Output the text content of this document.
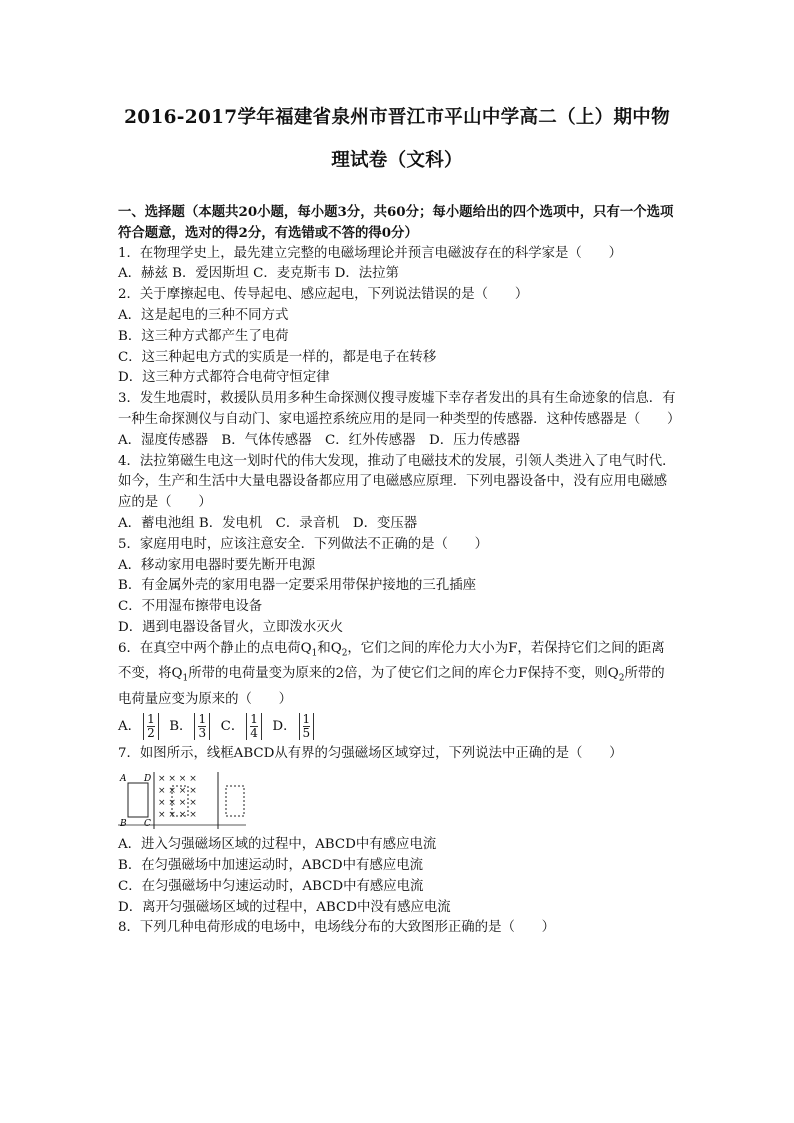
2016-2017学年福建省泉州市晋江市平山中学高二（上）期中物
理试卷（文科）

一、选择题（本题共20小题，每小题3分，共60分；每小题给出的四个选项中，只有一个选项符合题意，选对的得2分，有选错或不答的得0分）

1．在物理学史上，最先建立完整的电磁场理论并预言电磁波存在的科学家是（　　）

A．赫兹 B．爱因斯坦 C．麦克斯韦 D．法拉第

2．关于摩擦起电、传导起电、感应起电，下列说法错误的是（　　）

A．这是起电的三种不同方式

B．这三种方式都产生了电荷

C．这三种起电方式的实质是一样的，都是电子在转移

D．这三种方式都符合电荷守恒定律

3．发生地震时，救援队员用多种生命探测仪搜寻废墟下幸存者发出的具有生命迹象的信息．有一种生命探测仪与自动门、家电遥控系统应用的是同一种类型的传感器．这种传感器是（　　）

A．湿度传感器　B．气体传感器　C．红外传感器　D．压力传感器

4．法拉第磁生电这一划时代的伟大发现，推动了电磁技术的发展，引领人类进入了电气时代．如今，生产和生活中大量电器设备都应用了电磁感应原理．下列电器设备中，没有应用电磁感应的是（　　）

A．蓄电池组 B．发电机　C．录音机　D．变压器

5．家庭用电时，应该注意安全．下列做法不正确的是（　　）

A．移动家用电器时要先断开电源

B．有金属外壳的家用电器一定要采用带保护接地的三孔插座

C．不用湿布擦带电设备

D．遇到电器设备冒火，立即泼水灭火

6．在真空中两个静止的点电荷$Q_1$和$Q_2$，它们之间的库伦力大小为F，若保持它们之间的距离不变，将$Q_1$所带的电荷量变为原来的2倍，为了使它们之间的库仑力F保持不变，则$Q_2$所带的电荷量应变为原来的（　　）

A． $\frac{1}{2}$ B． $\frac{1}{3}$ C． $\frac{1}{4}$ D． $\frac{1}{5}$

7．如图所示，线框ABCD从有界的匀强磁场区域穿过，下列说法中正确的是（　　）

A D
B C
× × × ×
× × × ×
× × × ×
× × × ×

A．进入匀强磁场区域的过程中，ABCD中有感应电流

B．在匀强磁场中加速运动时，ABCD中有感应电流

C．在匀强磁场中匀速运动时，ABCD中有感应电流

D．离开匀强磁场区域的过程中，ABCD中没有感应电流

8．下列几种电荷形成的电场中，电场线分布的大致图形正确的是（　　）
